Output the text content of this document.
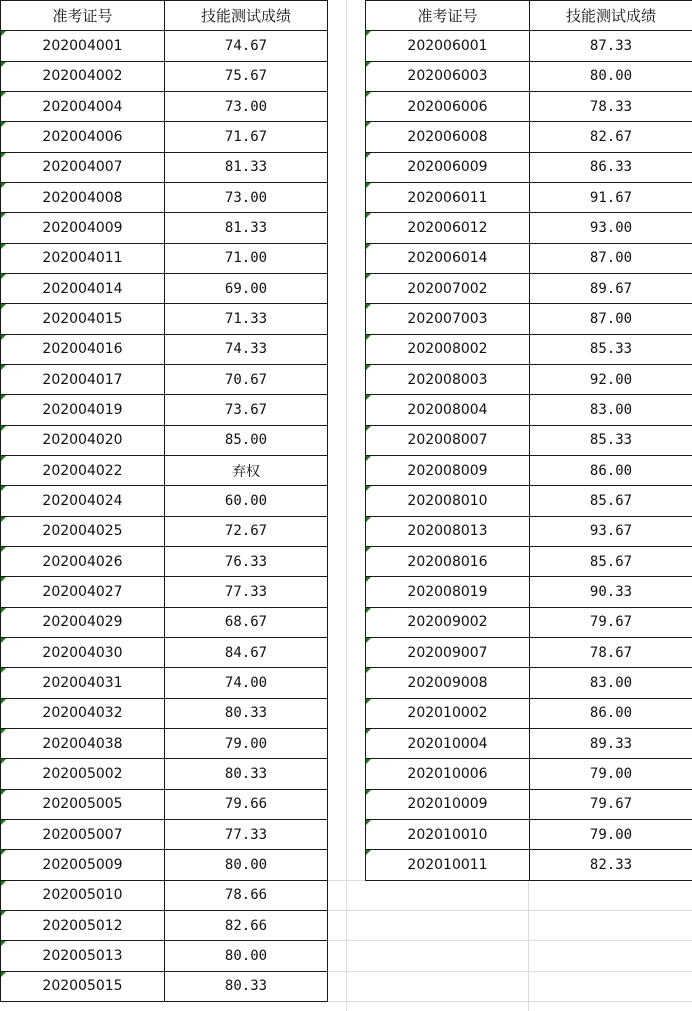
准考证号	技能测试成绩
202004001	74.67
202004002	75.67
202004004	73.00
202004006	71.67
202004007	81.33
202004008	73.00
202004009	81.33
202004011	71.00
202004014	69.00
202004015	71.33
202004016	74.33
202004017	70.67
202004019	73.67
202004020	85.00
202004022	弃权
202004024	60.00
202004025	72.67
202004026	76.33
202004027	77.33
202004029	68.67
202004030	84.67
202004031	74.00
202004032	80.33
202004038	79.00
202005002	80.33
202005005	79.66
202005007	77.33
202005009	80.00
202005010	78.66
202005012	82.66
202005013	80.00
202005015	80.33
准考证号	技能测试成绩
202006001	87.33
202006003	80.00
202006006	78.33
202006008	82.67
202006009	86.33
202006011	91.67
202006012	93.00
202006014	87.00
202007002	89.67
202007003	87.00
202008002	85.33
202008003	92.00
202008004	83.00
202008007	85.33
202008009	86.00
202008010	85.67
202008013	93.67
202008016	85.67
202008019	90.33
202009002	79.67
202009007	78.67
202009008	83.00
202010002	86.00
202010004	89.33
202010006	79.00
202010009	79.67
202010010	79.00
202010011	82.33
